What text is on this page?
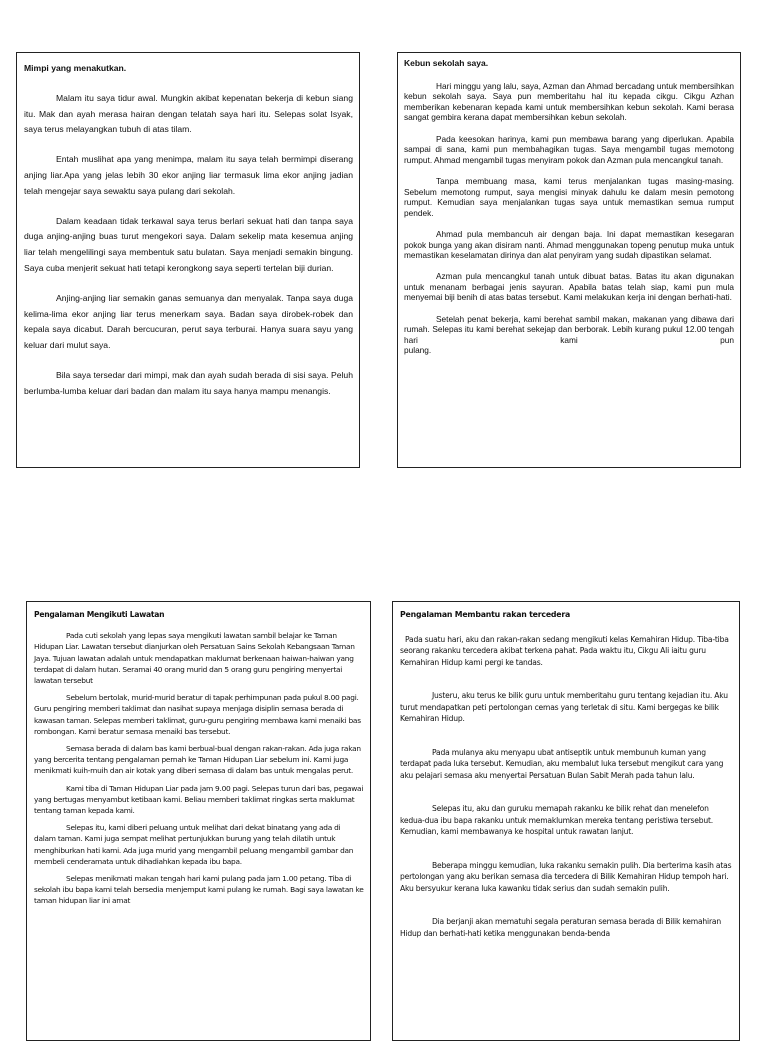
Mimpi yang menakutkan.

Malam itu saya tidur awal. Mungkin akibat kepenatan bekerja di kebun siang itu. Mak dan ayah merasa hairan dengan telatah saya hari itu. Selepas solat Isyak, saya terus melayangkan tubuh di atas tilam.

Entah muslihat apa yang menimpa, malam itu saya telah bermimpi diserang anjing liar.Apa yang jelas lebih 30 ekor anjing liar termasuk lima ekor anjing jadian telah mengejar saya sewaktu saya pulang dari sekolah.

Dalam keadaan tidak terkawal saya terus berlari sekuat hati dan tanpa saya duga anjing-anjing buas turut mengekori saya. Dalam sekelip mata kesemua anjing liar telah mengelilingi saya membentuk satu bulatan. Saya menjadi semakin bingung. Saya cuba menjerit sekuat hati tetapi kerongkong saya seperti tertelan biji durian.

Anjing-anjing liar semakin ganas semuanya dan menyalak. Tanpa saya duga kelima-lima ekor anjing liar terus menerkam saya. Badan saya dirobek-robek dan kepala saya dicabut. Darah bercucuran, perut saya terburai. Hanya suara sayu yang keluar dari mulut saya.

Bila saya tersedar dari mimpi, mak dan ayah sudah berada di sisi saya. Peluh berlumba-lumba keluar dari badan dan malam itu saya hanya mampu menangis.

Kebun sekolah saya.

Hari minggu yang lalu, saya, Azman dan Ahmad bercadang untuk membersihkan kebun sekolah saya. Saya pun memberitahu hal itu kepada cikgu. Cikgu Azhan memberikan kebenaran kepada kami untuk membersihkan kebun sekolah. Kami berasa sangat gembira kerana dapat membersihkan kebun sekolah.

Pada keesokan harinya, kami pun membawa barang yang diperlukan. Apabila sampai di sana, kami pun membahagikan tugas. Saya mengambil tugas memotong rumput. Ahmad mengambil tugas menyiram pokok dan Azman pula mencangkul tanah.

Tanpa membuang masa, kami terus menjalankan tugas masing-masing. Sebelum memotong rumput, saya mengisi minyak dahulu ke dalam mesin pemotong rumput. Kemudian saya menjalankan tugas saya untuk memastikan semua rumput pendek.

Ahmad pula membancuh air dengan baja. Ini dapat memastikan kesegaran pokok bunga yang akan disiram nanti. Ahmad menggunakan topeng penutup muka untuk memastikan keselamatan dirinya dan alat penyiram yang sudah dipastikan selamat.

Azman pula mencangkul tanah untuk dibuat batas. Batas itu akan digunakan untuk menanam berbagai jenis sayuran. Apabila batas telah siap, kami pun mula menyemai biji benih di atas batas tersebut. Kami melakukan kerja ini dengan berhati-hati.

Setelah penat bekerja, kami berehat sambil makan, makanan yang dibawa dari rumah. Selepas itu kami berehat sekejap dan berborak. Lebih kurang pukul 12.00 tengah hari kami pun

pulang.
Pengalaman Mengikuti Lawatan

Pada cuti sekolah yang lepas saya mengikuti lawatan sambil belajar ke Taman Hidupan Liar. Lawatan tersebut dianjurkan oleh Persatuan Sains Sekolah Kebangsaan Taman Jaya. Tujuan lawatan adalah untuk mendapatkan maklumat berkenaan haiwan-haiwan yang terdapat di dalam hutan. Seramai 40 orang murid dan 5 orang guru pengiring menyertai lawatan tersebut

Sebelum bertolak, murid-murid beratur di tapak perhimpunan pada pukul 8.00 pagi. Guru pengiring memberi taklimat dan nasihat supaya menjaga disiplin semasa berada di kawasan taman. Selepas memberi taklimat, guru-guru pengiring membawa kami menaiki bas rombongan. Kami beratur semasa menaiki bas tersebut.

Semasa berada di dalam bas kami berbual-bual dengan rakan-rakan. Ada juga rakan yang bercerita tentang pengalaman pernah ke Taman Hidupan Liar sebelum ini. Kami juga menikmati kuih-muih dan air kotak yang diberi semasa di dalam bas untuk mengalas perut.

Kami tiba di Taman Hidupan Liar pada jam 9.00 pagi. Selepas turun dari bas, pegawai yang bertugas menyambut ketibaan kami. Beliau memberi taklimat ringkas serta maklumat tentang taman kepada kami.

Selepas itu, kami diberi peluang untuk melihat dari dekat binatang yang ada di dalam taman. Kami juga sempat melihat pertunjukkan burung yang telah dilatih untuk menghiburkan hati kami. Ada juga murid yang mengambil peluang mengambil gambar dan membeli cenderamata untuk dihadiahkan kepada ibu bapa.

Selepas menikmati makan tengah hari kami pulang pada jam 1.00 petang. Tiba di sekolah ibu bapa kami telah bersedia menjemput kami pulang ke rumah. Bagi saya lawatan ke taman hidupan liar ini amat

Pengalaman Membantu rakan tercedera

Pada suatu hari, aku dan rakan-rakan sedang mengikuti kelas Kemahiran Hidup. Tiba-tiba seorang rakanku tercedera akibat terkena pahat. Pada waktu itu, Cikgu Ali iaitu guru Kemahiran Hidup kami pergi ke tandas.

Justeru, aku terus ke bilik guru untuk memberitahu guru tentang kejadian itu. Aku turut mendapatkan peti pertolongan cemas yang terletak di situ. Kami bergegas ke bilik Kemahiran Hidup.

Pada mulanya aku menyapu ubat antiseptik untuk membunuh kuman yang terdapat pada luka tersebut. Kemudian, aku membalut luka tersebut mengikut cara yang aku pelajari semasa aku menyertai Persatuan Bulan Sabit Merah pada tahun lalu.

Selepas itu, aku dan guruku memapah rakanku ke bilik rehat dan menelefon kedua-dua ibu bapa rakanku untuk memaklumkan mereka tentang peristiwa tersebut. Kemudian, kami membawanya ke hospital untuk rawatan lanjut.

Beberapa minggu kemudian, luka rakanku semakin pulih. Dia berterima kasih atas pertolongan yang aku berikan semasa dia tercedera di Bilik Kemahiran Hidup tempoh hari. Aku bersyukur kerana luka kawanku tidak serius dan sudah semakin pulih.

Dia berjanji akan mematuhi segala peraturan semasa berada di Bilik kemahiran Hidup dan berhati-hati ketika menggunakan benda-benda
